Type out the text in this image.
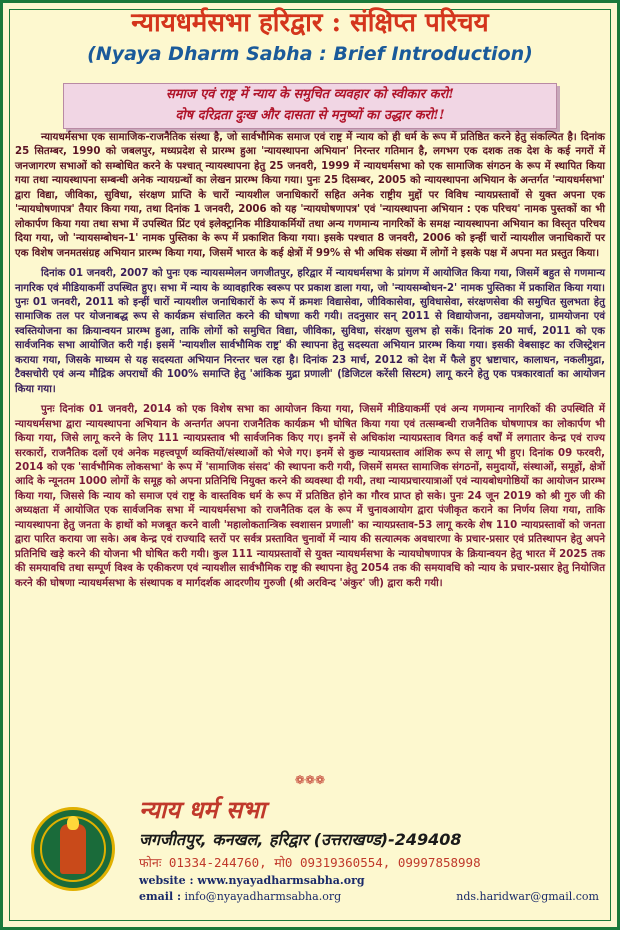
न्यायधर्मसभा हरिद्वार : संक्षिप्त परिचय
(Nyaya Dharm Sabha : Brief Introduction)
समाज एवं राष्ट्र में न्याय के समुचित व्यवहार को स्वीकार करो!
दोष दरिद्रता दुःख और दासता से मनुष्यों का उद्धार करो!!

न्यायधर्मसभा एक सामाजिक-राजनैतिक संस्था है, जो सार्वभौमिक समाज एवं राष्ट्र में न्याय को ही धर्म के रूप में प्रतिष्ठित करने हेतु संकल्पित है। दिनांक 25 सितम्बर, 1990 को जबलपुर, मध्यप्रदेश से प्रारम्भ हुआ 'न्यायस्थापना अभियान' निरन्तर गतिमान है, लगभग एक दशक तक देश के कई नगरों में जनजागरण सभाओं को सम्बोधित करने के पश्चात् न्यायस्थापना हेतु 25 जनवरी, 1999 में न्यायधर्मसभा को एक सामाजिक संगठन के रूप में स्थापित किया गया तथा न्यायस्थापना सम्बन्धी अनेक न्यायग्रन्थों का लेखन प्रारम्भ किया गया। पुनः 25 दिसम्बर, 2005 को न्यायस्थापना अभियान के अन्तर्गत 'न्यायधर्मसभा' द्वारा विद्या, जीविका, सुविधा, संरक्षण प्राप्ति के चारों न्यायशील जनाधिकारों सहित अनेक राष्ट्रीय मुद्दों पर विविध न्यायप्रस्तावों से युक्त अपना एक 'न्यायघोषणापत्र' तैयार किया गया, तथा दिनांक 1 जनवरी, 2006 को यह 'न्यायघोषणापत्र' एवं 'न्यायस्थापना अभियान : एक परिचय' नामक पुस्तकों का भी लोकार्पण किया गया तथा सभा में उपस्थित प्रिंट एवं इलेक्ट्रानिक मीडियाकर्मियों तथा अन्य गणमान्य नागरिकों के समक्ष न्यायस्थापना अभियान का विस्तृत परिचय दिया गया, जो 'न्यायसम्बोधन-1' नामक पुस्तिका के रूप में प्रकाशित किया गया। इसके पश्चात 8 जनवरी, 2006 को इन्हीं चारों न्यायशील जनाधिकारों पर एक विशेष जनमतसंग्रह अभियान प्रारम्भ किया गया, जिसमें भारत के कई क्षेत्रों में 99% से भी अधिक संख्या में लोगों ने इसके पक्ष में अपना मत प्रस्तुत किया।

दिनांक 01 जनवरी, 2007 को पुनः एक न्यायसम्मेलन जगजीतपुर, हरिद्वार में न्यायधर्मसभा के प्रांगण में आयोजित किया गया, जिसमें बहुत से गणमान्य नागरिक एवं मीडियाकर्मी उपस्थित हुए। सभा में न्याय के व्यावहारिक स्वरूप पर प्रकाश डाला गया, जो 'न्यायसम्बोधन-2' नामक पुस्तिका में प्रकाशित किया गया। पुनः 01 जनवरी, 2011 को इन्हीं चारों न्यायशील जनाधिकारों के रूप में क्रमशः विद्यासेवा, जीविकासेवा, सुविधासेवा, संरक्षणसेवा की समुचित सुलभता हेतु सामाजिक तल पर योजनाबद्ध रूप से कार्यक्रम संचालित करने की घोषणा करी गयी। तदनुसार सन् 2011 से विद्यायोजना, उद्यमयोजना, ग्रामयोजना एवं स्वस्तियोजना का क्रियान्वयन प्रारम्भ हुआ, ताकि लोगों को समुचित विद्या, जीविका, सुविधा, संरक्षण सुलभ हो सकें। दिनांक 20 मार्च, 2011 को एक सार्वजनिक सभा आयोजित करी गई। इसमें 'न्यायशील सार्वभौमिक राष्ट्र' की स्थापना हेतु सदस्यता अभियान प्रारम्भ किया गया। इसकी वेबसाइट का रजिस्ट्रेशन कराया गया, जिसके माध्यम से यह सदस्यता अभियान निरन्तर चल रहा है। दिनांक 23 मार्च, 2012 को देश में फैले हुए भ्रष्टाचार, कालाधन, नकलीमुद्रा, टैक्सचोरी एवं अन्य मौद्रिक अपराधों की 100% समाप्ति हेतु 'आंकिक मुद्रा प्रणाली' (डिजिटल करेंसी सिस्टम) लागू करने हेतु एक पत्रकारवार्ता का आयोजन किया गया।

पुनः दिनांक 01 जनवरी, 2014 को एक विशेष सभा का आयोजन किया गया, जिसमें मीडियाकर्मी एवं अन्य गणमान्य नागरिकों की उपस्थिति में न्यायधर्मसभा द्वारा न्यायस्थापना अभियान के अन्तर्गत अपना राजनैतिक कार्यक्रम भी घोषित किया गया एवं तत्सम्बन्धी राजनैतिक घोषणापत्र का लोकार्पण भी किया गया, जिसे लागू करने के लिए 111 न्यायप्रस्ताव भी सार्वजनिक किए गए। इनमें से अधिकांश न्यायप्रस्ताव विगत कई वर्षों में लगातार केन्द्र एवं राज्य सरकारों, राजनैतिक दलों एवं अनेक महत्त्वपूर्ण व्यक्तियों/संस्थाओं को भेजे गए। इनमें से कुछ न्यायप्रस्ताव आंशिक रूप से लागू भी हुए। दिनांक 09 फरवरी, 2014 को एक 'सार्वभौमिक लोकसभा' के रूप में 'सामाजिक संसद' की स्थापना करी गयी, जिसमें समस्त सामाजिक संगठनों, समुदायों, संस्थाओं, समूहों, क्षेत्रों आदि के न्यूनतम 1000 लोगों के समूह को अपना प्रतिनिधि नियुक्त करने की व्यवस्था दी गयी, तथा न्यायप्रचारयात्राओं एवं न्यायबोधगोष्ठियों का आयोजन प्रारम्भ किया गया, जिससे कि न्याय को समाज एवं राष्ट्र के वास्तविक धर्म के रूप में प्रतिष्ठित होने का गौरव प्राप्त हो सके। पुनः 24 जून 2019 को श्री गुरु जी की अध्यक्षता में आयोजित एक सार्वजनिक सभा में न्यायधर्मसभा को राजनैतिक दल के रूप में चुनावआयोग द्वारा पंजीकृत कराने का निर्णय लिया गया, ताकि न्यायस्थापना हेतु जनता के हाथों को मजबूत करने वाली 'महालोकतान्त्रिक स्वशासन प्रणाली' का न्यायप्रस्ताव-53 लागू करके शेष 110 न्यायप्रस्तावों को जनता द्वारा पारित कराया जा सके। अब केन्द्र एवं राज्यादि स्तरों पर सर्वत्र प्रस्तावित चुनावों में न्याय की सत्यात्मक अवधारणा के प्रचार-प्रसार एवं प्रतिस्थापन हेतु अपने प्रतिनिधि खड़े करने की योजना भी घोषित करी गयी। कुल 111 न्यायप्रस्तावों से युक्त न्यायधर्मसभा के न्यायघोषणापत्र के क्रियान्वयन हेतु भारत में 2025 तक की समयावधि तथा सम्पूर्ण विश्व के एकीकरण एवं न्यायशील सार्वभौमिक राष्ट्र की स्थापना हेतु 2054 तक की समयावधि को न्याय के प्रचार-प्रसार हेतु नियोजित करने की घोषणा न्यायधर्मसभा के संस्थापक व मार्गदर्शक आदरणीय गुरुजी (श्री अरविन्द 'अंकुर' जी) द्वारा करी गयी।

❁❁❁
न्याय धर्म सभा
जगजीतपुर, कनखल, हरिद्वार (उत्तराखण्ड)-249408
फोनः 01334-244760, मो0 09319360554, 09997858998
website : www.nyayadharmsabha.org
email : info@nyayadharmsabha.org	nds.haridwar@gmail.com
